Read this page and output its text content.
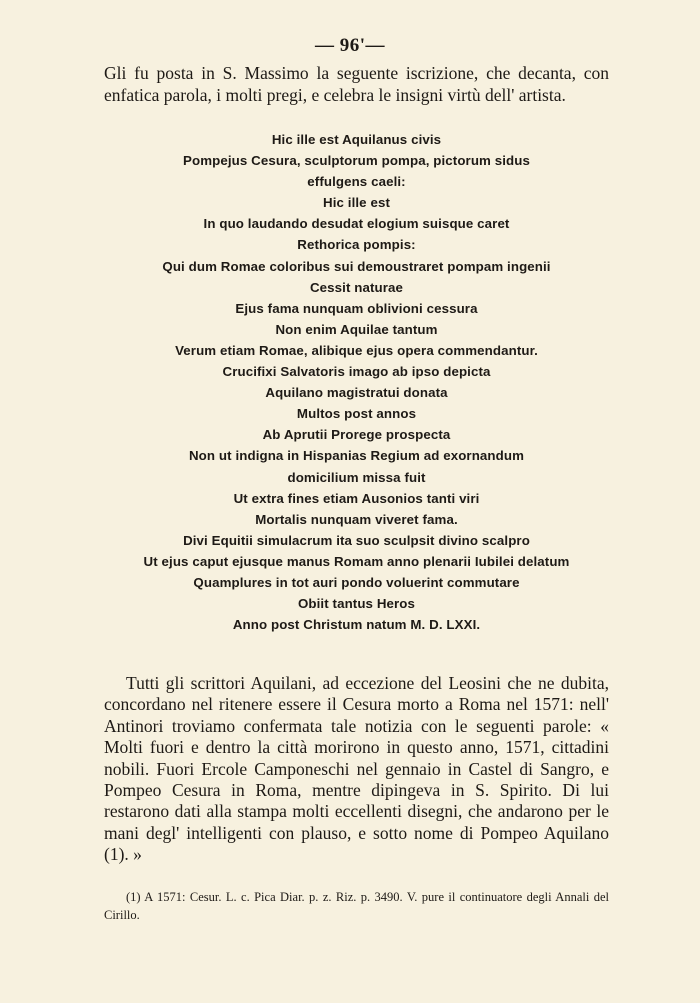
— 96'—
Gli fu posta in S. Massimo la seguente iscrizione, che decanta, con enfatica parola, i molti pregi, e celebra le insigni virtù dell' artista.
Hic ille est Aquilanus civis
Pompejus Cesura, sculptorum pompa, pictorum sidus
effulgens caeli:
Hic ille est
In quo laudando desudat elogium suisque caret
Rethorica pompis:
Qui dum Romae coloribus sui demoustraret pompam ingenii
Cessit naturae
Ejus fama nunquam oblivioni cessura
Non enim Aquilae tantum
Verum etiam Romae, alibique ejus opera commendantur.
Crucifixi Salvatoris imago ab ipso depicta
Aquilano magistratui donata
Multos post annos
Ab Aprutii Prorege prospecta
Non ut indigna in Hispanias Regium ad exornandum
domicilium missa fuit
Ut extra fines etiam Ausonios tanti viri
Mortalis nunquam viveret fama.
Divi Equitii simulacrum ita suo sculpsit divino scalpro
Ut ejus caput ejusque manus Romam anno plenarii Iubilei delatum
Quamplures in tot auri pondo voluerint commutare
Obiit tantus Heros
Anno post Christum natum M. D. LXXI.

Tutti gli scrittori Aquilani, ad eccezione del Leosini che ne dubita, concordano nel ritenere essere il Cesura morto a Roma nel 1571: nell' Antinori troviamo confermata tale notizia con le seguenti parole: « Molti fuori e dentro la città morirono in questo anno, 1571, cittadini nobili. Fuori Ercole Camponeschi nel gennaio in Castel di Sangro, e Pompeo Cesura in Roma, mentre dipingeva in S. Spirito. Di lui restarono dati alla stampa molti eccellenti disegni, che andarono per le mani degl' intelligenti con plauso, e sotto nome di Pompeo Aquilano (1). »

(1) A 1571: Cesur. L. c. Pica Diar. p. z. Riz. p. 3490. V. pure il continuatore degli Annali del Cirillo.
